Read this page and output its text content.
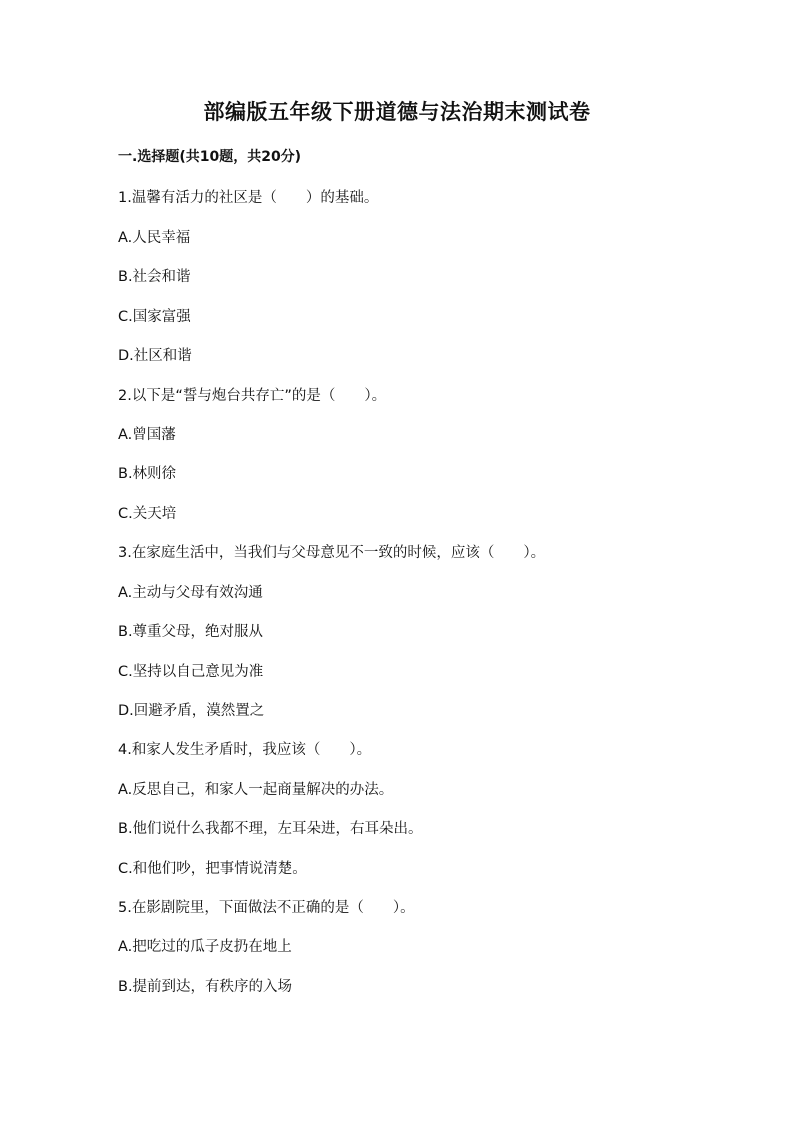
部编版五年级下册道德与法治期末测试卷
一.选择题(共10题，共20分)
1.温馨有活力的社区是（　　）的基础。
A.人民幸福
B.社会和谐
C.国家富强
D.社区和谐
2.以下是“誓与炮台共存亡”的是（　　）。
A.曾国藩
B.林则徐
C.关天培
3.在家庭生活中，当我们与父母意见不一致的时候，应该（　　）。
A.主动与父母有效沟通
B.尊重父母，绝对服从
C.坚持以自己意见为准
D.回避矛盾，漠然置之
4.和家人发生矛盾时，我应该（　　）。
A.反思自己，和家人一起商量解决的办法。
B.他们说什么我都不理，左耳朵进，右耳朵出。
C.和他们吵，把事情说清楚。
5.在影剧院里，下面做法不正确的是（　　）。
A.把吃过的瓜子皮扔在地上
B.提前到达，有秩序的入场
